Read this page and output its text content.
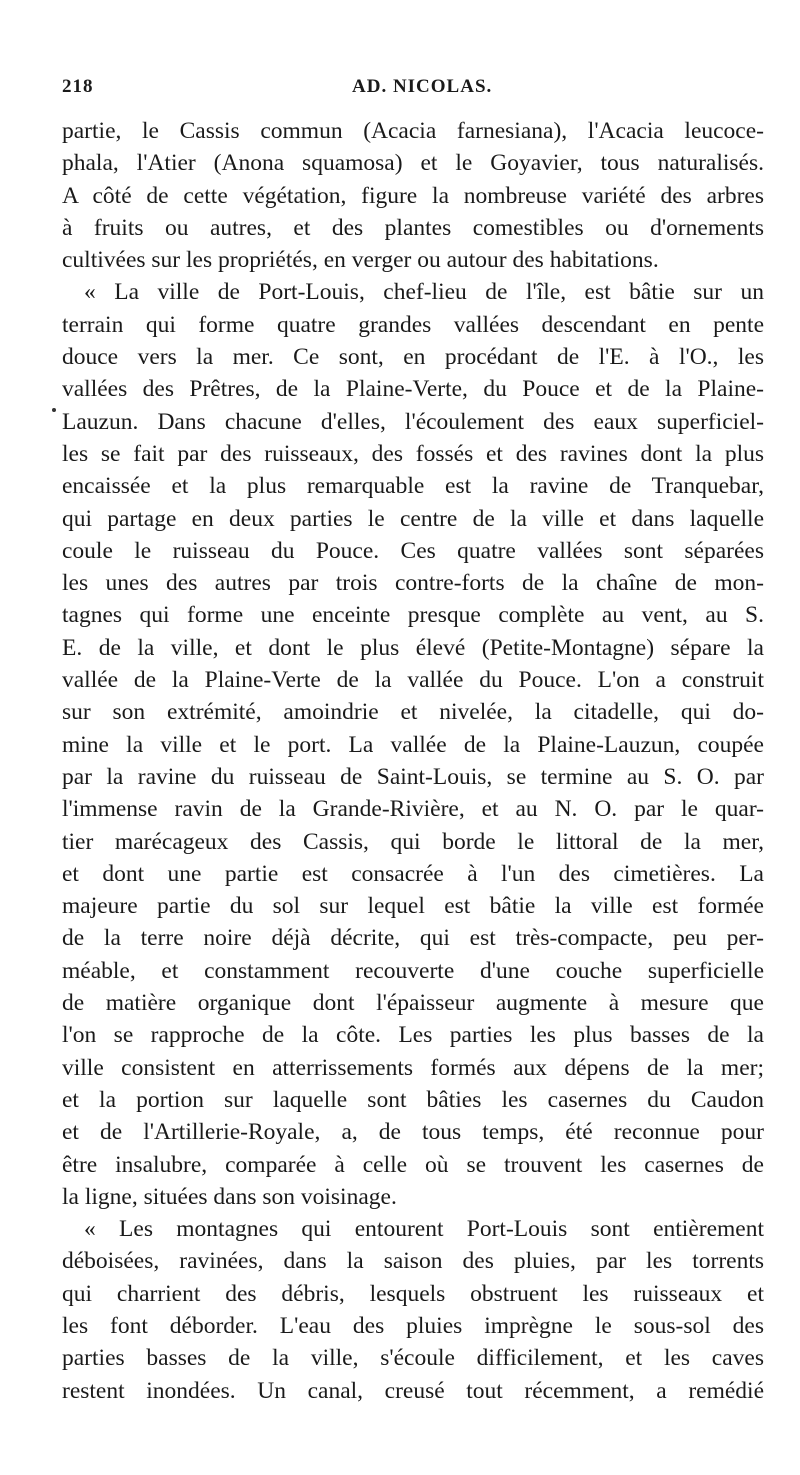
218	AD. NICOLAS.
partie, le Cassis commun (Acacia farnesiana), l'Acacia leucoce-
phala, l'Atier (Anona squamosa) et le Goyavier, tous naturalisés.
A côté de cette végétation, figure la nombreuse variété des arbres
à fruits ou autres, et des plantes comestibles ou d'ornements
cultivées sur les propriétés, en verger ou autour des habitations.
« La ville de Port-Louis, chef-lieu de l'île, est bâtie sur un
terrain qui forme quatre grandes vallées descendant en pente
douce vers la mer. Ce sont, en procédant de l'E. à l'O., les
vallées des Prêtres, de la Plaine-Verte, du Pouce et de la Plaine-
Lauzun. Dans chacune d'elles, l'écoulement des eaux superficiel-
les se fait par des ruisseaux, des fossés et des ravines dont la plus
encaissée et la plus remarquable est la ravine de Tranquebar,
qui partage en deux parties le centre de la ville et dans laquelle
coule le ruisseau du Pouce. Ces quatre vallées sont séparées
les unes des autres par trois contre-forts de la chaîne de mon-
tagnes qui forme une enceinte presque complète au vent, au S.
E. de la ville, et dont le plus élevé (Petite-Montagne) sépare la
vallée de la Plaine-Verte de la vallée du Pouce. L'on a construit
sur son extrémité, amoindrie et nivelée, la citadelle, qui do-
mine la ville et le port. La vallée de la Plaine-Lauzun, coupée
par la ravine du ruisseau de Saint-Louis, se termine au S. O. par
l'immense ravin de la Grande-Rivière, et au N. O. par le quar-
tier marécageux des Cassis, qui borde le littoral de la mer,
et dont une partie est consacrée à l'un des cimetières. La
majeure partie du sol sur lequel est bâtie la ville est formée
de la terre noire déjà décrite, qui est très-compacte, peu per-
méable, et constamment recouverte d'une couche superficielle
de matière organique dont l'épaisseur augmente à mesure que
l'on se rapproche de la côte. Les parties les plus basses de la
ville consistent en atterrissements formés aux dépens de la mer;
et la portion sur laquelle sont bâties les casernes du Caudon
et de l'Artillerie-Royale, a, de tous temps, été reconnue pour
être insalubre, comparée à celle où se trouvent les casernes de
la ligne, situées dans son voisinage.
« Les montagnes qui entourent Port-Louis sont entièrement
déboisées, ravinées, dans la saison des pluies, par les torrents
qui charrient des débris, lesquels obstruent les ruisseaux et
les font déborder. L'eau des pluies imprègne le sous-sol des
parties basses de la ville, s'écoule difficilement, et les caves
restent inondées. Un canal, creusé tout récemment, a remédié
